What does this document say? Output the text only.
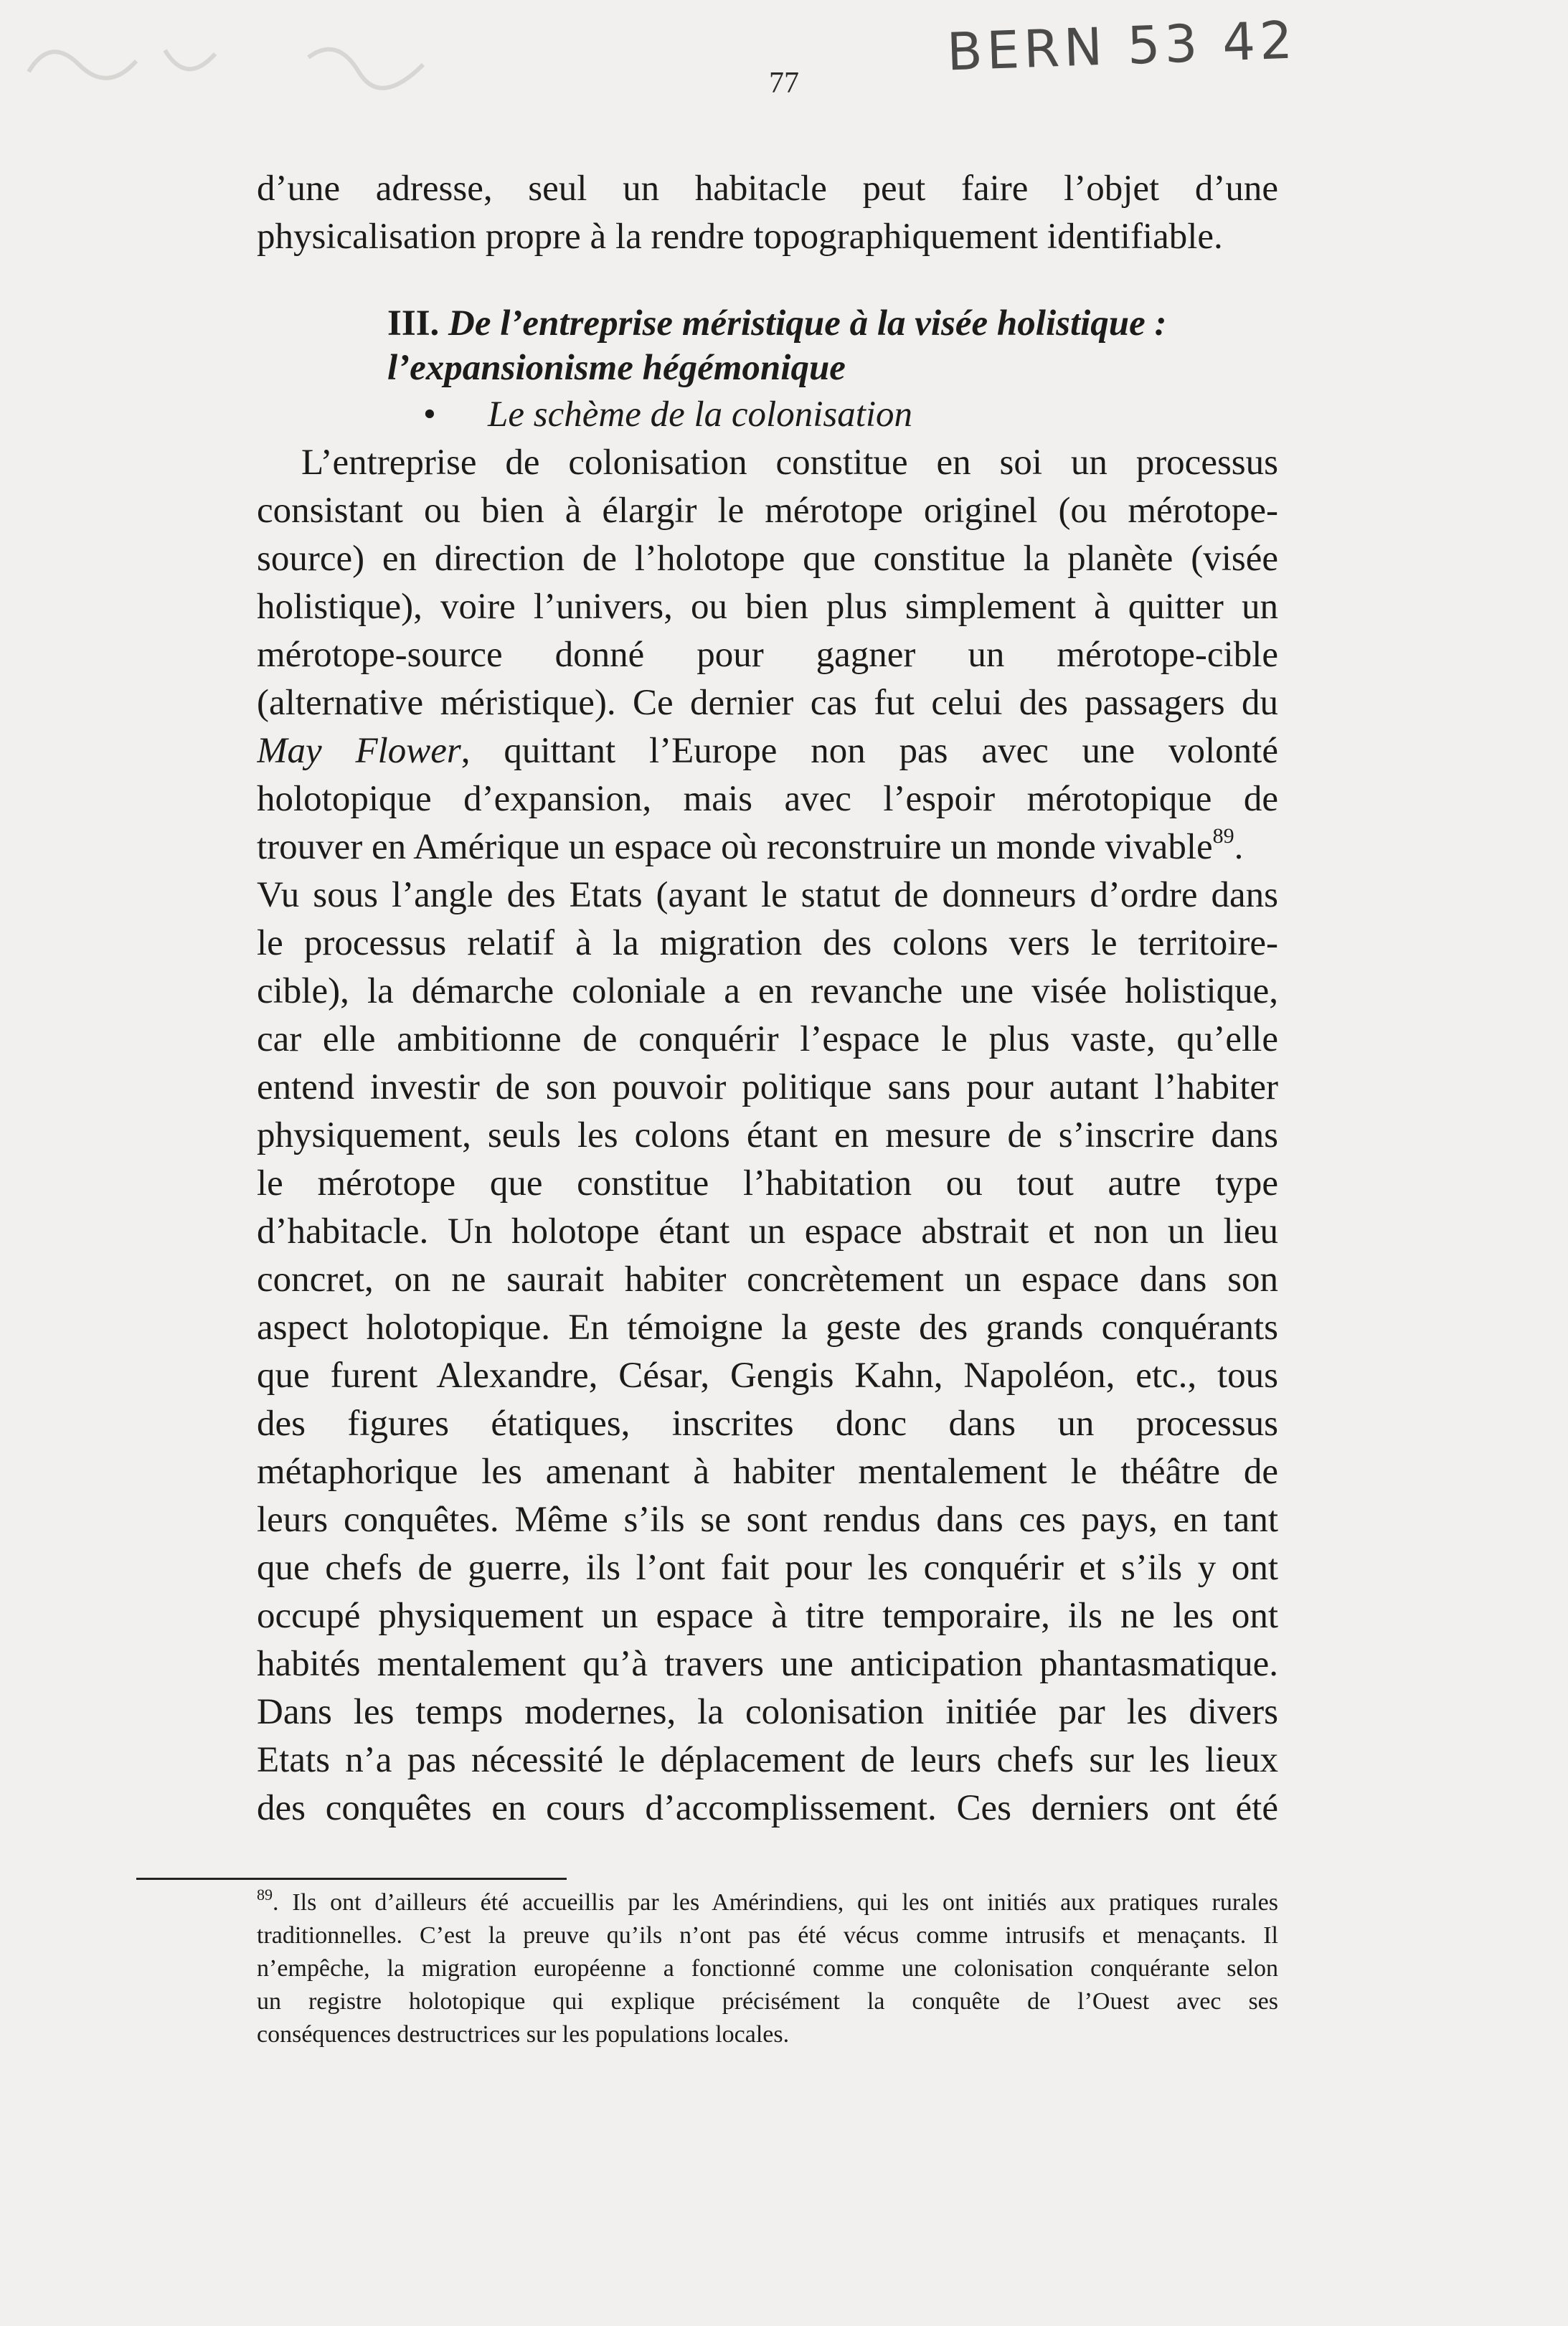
BERN 53 42
77
d’une adresse, seul un habitacle peut faire l’objet d’une
physicalisation propre à la rendre topographiquement identifiable.
III. De l’entreprise méristique à la visée holistique :
l’expansionisme hégémonique
• Le schème de la colonisation
L’entreprise de colonisation constitue en soi un processus
consistant ou bien à élargir le mérotope originel (ou mérotope-
source) en direction de l’holotope que constitue la planète (visée
holistique), voire l’univers, ou bien plus simplement à quitter un
mérotope-source donné pour gagner un mérotope-cible
(alternative méristique). Ce dernier cas fut celui des passagers du
May Flower, quittant l’Europe non pas avec une volonté
holotopique d’expansion, mais avec l’espoir mérotopique de
trouver en Amérique un espace où reconstruire un monde vivable$^{89}$.
Vu sous l’angle des Etats (ayant le statut de donneurs d’ordre dans
le processus relatif à la migration des colons vers le territoire-
cible), la démarche coloniale a en revanche une visée holistique,
car elle ambitionne de conquérir l’espace le plus vaste, qu’elle
entend investir de son pouvoir politique sans pour autant l’habiter
physiquement, seuls les colons étant en mesure de s’inscrire dans
le mérotope que constitue l’habitation ou tout autre type
d’habitacle. Un holotope étant un espace abstrait et non un lieu
concret, on ne saurait habiter concrètement un espace dans son
aspect holotopique. En témoigne la geste des grands conquérants
que furent Alexandre, César, Gengis Kahn, Napoléon, etc., tous
des figures étatiques, inscrites donc dans un processus
métaphorique les amenant à habiter mentalement le théâtre de
leurs conquêtes. Même s’ils se sont rendus dans ces pays, en tant
que chefs de guerre, ils l’ont fait pour les conquérir et s’ils y ont
occupé physiquement un espace à titre temporaire, ils ne les ont
habités mentalement qu’à travers une anticipation phantasmatique.
Dans les temps modernes, la colonisation initiée par les divers
Etats n’a pas nécessité le déplacement de leurs chefs sur les lieux
des conquêtes en cours d’accomplissement. Ces derniers ont été
$^{89}$. Ils ont d’ailleurs été accueillis par les Amérindiens, qui les ont initiés aux pratiques rurales
traditionnelles. C’est la preuve qu’ils n’ont pas été vécus comme intrusifs et menaçants. Il
n’empêche, la migration européenne a fonctionné comme une colonisation conquérante selon
un registre holotopique qui explique précisément la conquête de l’Ouest avec ses
conséquences destructrices sur les populations locales.
